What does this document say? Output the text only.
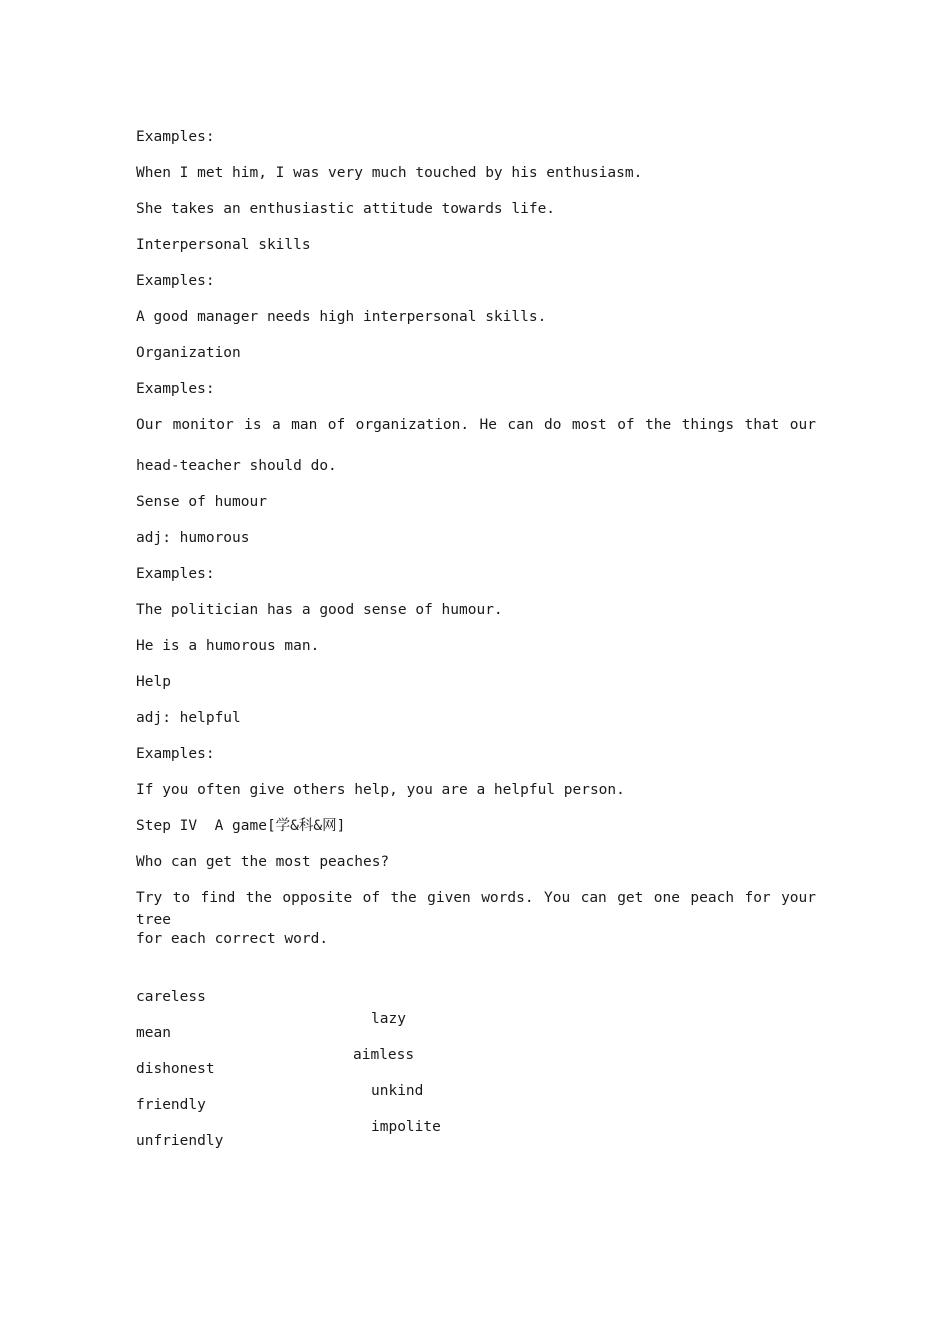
Examples:
When I met him, I was very much touched by his enthusiasm.
She takes an enthusiastic attitude towards life.
Interpersonal skills
Examples:
A good manager needs high interpersonal skills.
Organization
Examples:
Our monitor is a man of organization. He can do most of the things that our
head-teacher should do.
Sense of humour
adj: humorous
Examples:
The politician has a good sense of humour.
He is a humorous man.
Help
adj: helpful
Examples:
If you often give others help, you are a helpful person.
Step IV  A game[学&科&网]
Who can get the most peaches?
Try to find the opposite of the given words. You can get one peach for your tree
for each correct word.

careless

lazy

mean

aimless

dishonest

unkind

friendly

impolite

unfriendly
